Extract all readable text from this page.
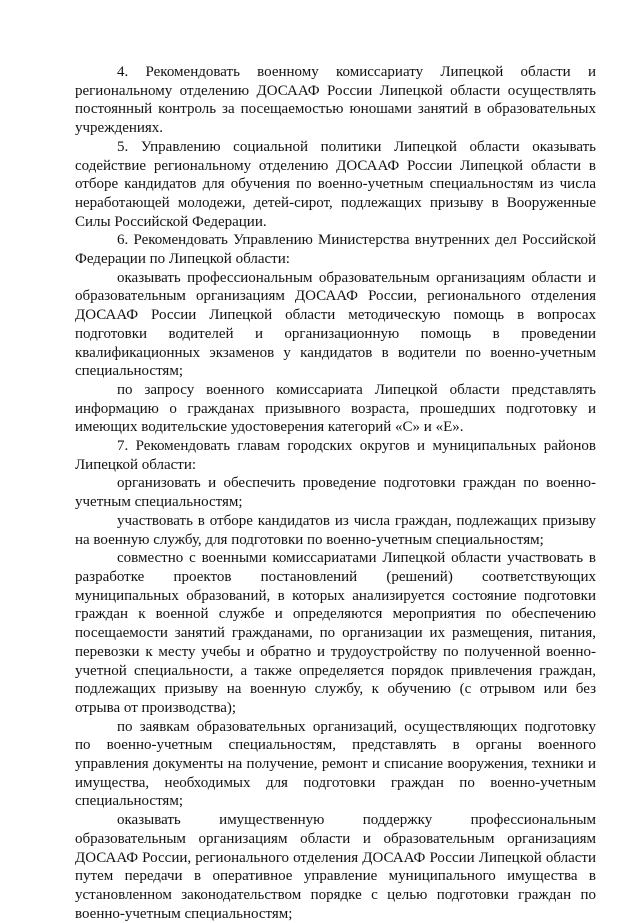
4. Рекомендовать военному комиссариату Липецкой области и региональному отделению ДОСААФ России Липецкой области осуществлять постоянный контроль за посещаемостью юношами занятий в образовательных учреждениях.

5. Управлению социальной политики Липецкой области оказывать содействие региональному отделению ДОСААФ России Липецкой области в отборе кандидатов для обучения по военно-учетным специальностям из числа неработающей молодежи, детей-сирот, подлежащих призыву в Вооруженные Силы Российской Федерации.

6. Рекомендовать Управлению Министерства внутренних дел Российской Федерации по Липецкой области:

оказывать профессиональным образовательным организациям области и образовательным организациям ДОСААФ России, регионального отделения ДОСААФ России Липецкой области методическую помощь в вопросах подготовки водителей и организационную помощь в проведении квалификационных экзаменов у кандидатов в водители по военно-учетным специальностям;

по запросу военного комиссариата Липецкой области представлять информацию о гражданах призывного возраста, прошедших подготовку и имеющих водительские удостоверения категорий «С» и «Е».

7. Рекомендовать главам городских округов и муниципальных районов Липецкой области:

организовать и обеспечить проведение подготовки граждан по военно-учетным специальностям;

участвовать в отборе кандидатов из числа граждан, подлежащих призыву на военную службу, для подготовки по военно-учетным специальностям;

совместно с военными комиссариатами Липецкой области участвовать в разработке проектов постановлений (решений) соответствующих муниципальных образований, в которых анализируется состояние подготовки граждан к военной службе и определяются мероприятия по обеспечению посещаемости занятий гражданами, по организации их размещения, питания, перевозки к месту учебы и обратно и трудоустройству по полученной военно-учетной специальности, а также определяется порядок привлечения граждан, подлежащих призыву на военную службу, к обучению (с отрывом или без отрыва от производства);

по заявкам образовательных организаций, осуществляющих подготовку по военно-учетным специальностям, представлять в органы военного управления документы на получение, ремонт и списание вооружения, техники и имущества, необходимых для подготовки граждан по военно-учетным специальностям;

оказывать имущественную поддержку профессиональным образовательным организациям области и образовательным организациям ДОСААФ России, регионального отделения ДОСААФ России Липецкой области путем передачи в оперативное управление муниципального имущества в установленном законодательством порядке с целью подготовки граждан по военно-учетным специальностям;
